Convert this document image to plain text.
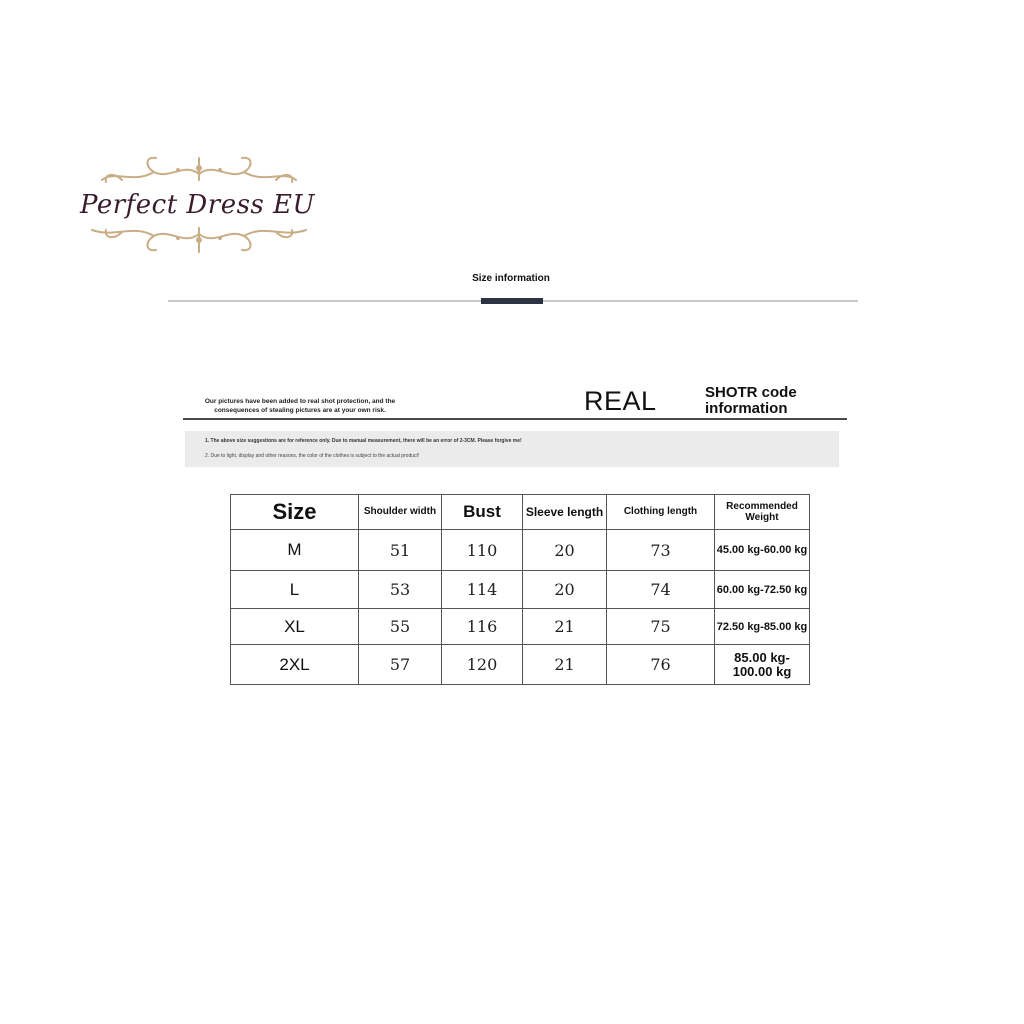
Perfect Dress EU
Size information
Our pictures have been added to real shot protection, and the consequences of stealing pictures are at your own risk.	REAL	SHOTR code information
1. The above size suggestions are for reference only. Due to manual measurement, there will be an error of 2-3CM. Please forgive me!
2. Due to light, display and other reasons, the color of the clothes is subject to the actual product!
Size	Shoulder width	Bust	Sleeve length	Clothing length	Recommended Weight
M	51	110	20	73	45.00 kg-60.00 kg
L	53	114	20	74	60.00 kg-72.50 kg
XL	55	116	21	75	72.50 kg-85.00 kg
2XL	57	120	21	76	85.00 kg-100.00 kg
